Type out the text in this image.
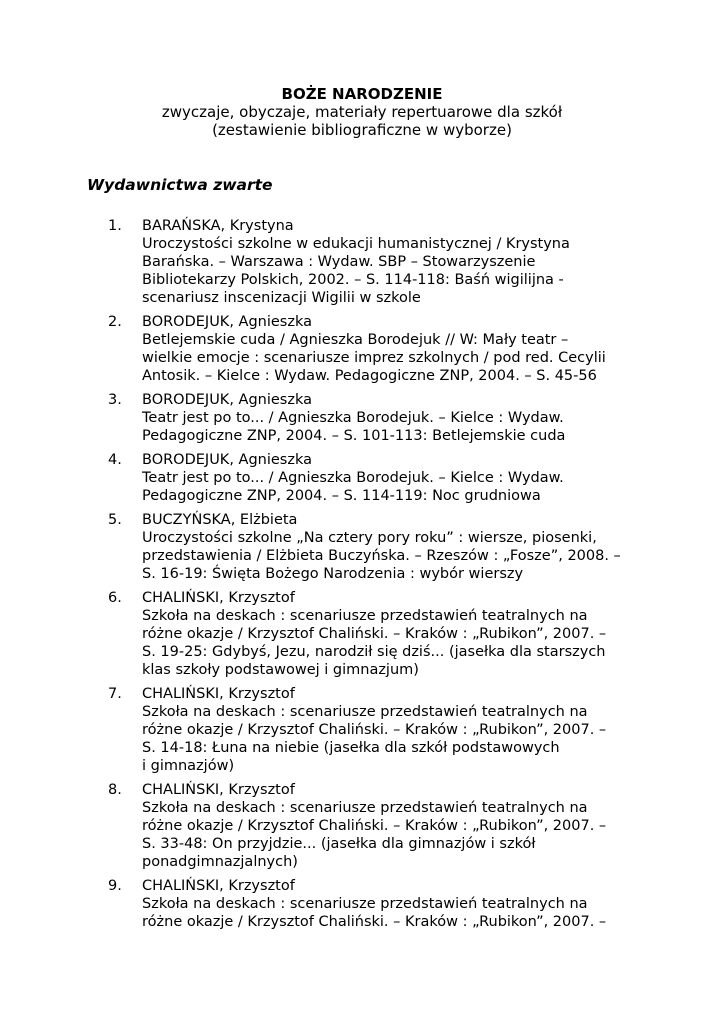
BOŻE NARODZENIE
zwyczaje, obyczaje, materiały repertuarowe dla szkół
(zestawienie bibliograficzne w wyborze)
Wydawnictwa zwarte
1. BARAŃSKA, Krystyna
Uroczystości szkolne w edukacji humanistycznej / Krystyna
Barańska. – Warszawa : Wydaw. SBP – Stowarzyszenie
Bibliotekarzy Polskich, 2002. – S. 114-118: Baśń wigilijna -
scenariusz inscenizacji Wigilii w szkole
2. BORODEJUK, Agnieszka
Betlejemskie cuda / Agnieszka Borodejuk // W: Mały teatr –
wielkie emocje : scenariusze imprez szkolnych / pod red. Cecylii
Antosik. – Kielce : Wydaw. Pedagogiczne ZNP, 2004. – S. 45-56
3. BORODEJUK, Agnieszka
Teatr jest po to... / Agnieszka Borodejuk. – Kielce : Wydaw.
Pedagogiczne ZNP, 2004. – S. 101-113: Betlejemskie cuda
4. BORODEJUK, Agnieszka
Teatr jest po to... / Agnieszka Borodejuk. – Kielce : Wydaw.
Pedagogiczne ZNP, 2004. – S. 114-119: Noc grudniowa
5. BUCZYŃSKA, Elżbieta
Uroczystości szkolne „Na cztery pory roku” : wiersze, piosenki,
przedstawienia / Elżbieta Buczyńska. – Rzeszów : „Fosze”, 2008. –
S. 16-19: Święta Bożego Narodzenia : wybór wierszy
6. CHALIŃSKI, Krzysztof
Szkoła na deskach : scenariusze przedstawień teatralnych na
różne okazje / Krzysztof Chaliński. – Kraków : „Rubikon”, 2007. –
S. 19-25: Gdybyś, Jezu, narodził się dziś... (jasełka dla starszych
klas szkoły podstawowej i gimnazjum)
7. CHALIŃSKI, Krzysztof
Szkoła na deskach : scenariusze przedstawień teatralnych na
różne okazje / Krzysztof Chaliński. – Kraków : „Rubikon”, 2007. –
S. 14-18: Łuna na niebie (jasełka dla szkół podstawowych
i gimnazjów)
8. CHALIŃSKI, Krzysztof
Szkoła na deskach : scenariusze przedstawień teatralnych na
różne okazje / Krzysztof Chaliński. – Kraków : „Rubikon”, 2007. –
S. 33-48: On przyjdzie... (jasełka dla gimnazjów i szkół
ponadgimnazjalnych)
9. CHALIŃSKI, Krzysztof
Szkoła na deskach : scenariusze przedstawień teatralnych na
różne okazje / Krzysztof Chaliński. – Kraków : „Rubikon”, 2007. –
